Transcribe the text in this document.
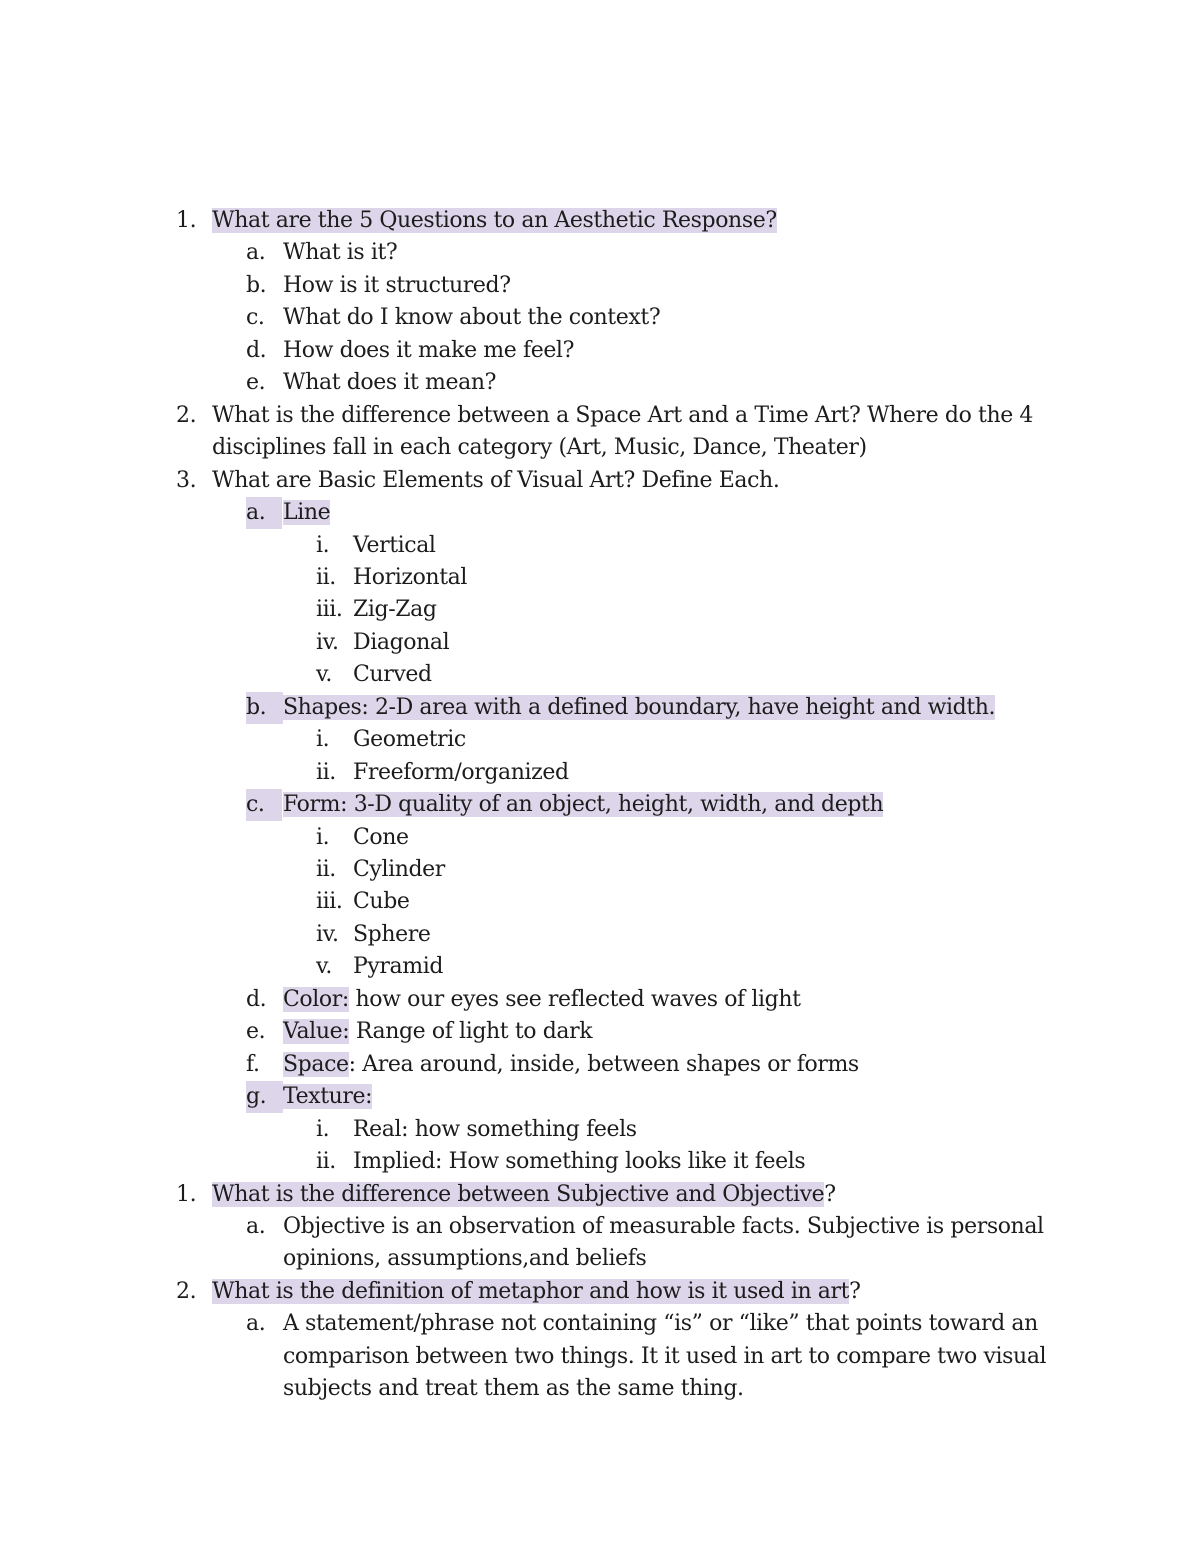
1. What are the 5 Questions to an Aesthetic Response?
a. What is it?
b. How is it structured?
c. What do I know about the context?
d. How does it make me feel?
e. What does it mean?
2. What is the difference between a Space Art and a Time Art? Where do the 4
disciplines fall in each category (Art, Music, Dance, Theater)
3. What are Basic Elements of Visual Art? Define Each.
a. Line
i. Vertical
ii. Horizontal
iii. Zig-Zag
iv. Diagonal
v. Curved
b. Shapes: 2-D area with a defined boundary, have height and width.
i. Geometric
ii. Freeform/organized
c. Form: 3-D quality of an object, height, width, and depth
i. Cone
ii. Cylinder
iii. Cube
iv. Sphere
v. Pyramid
d. Color: how our eyes see reflected waves of light
e. Value: Range of light to dark
f. Space: Area around, inside, between shapes or forms
g. Texture:
i. Real: how something feels
ii. Implied: How something looks like it feels
1. What is the difference between Subjective and Objective?
a. Objective is an observation of measurable facts. Subjective is personal
opinions, assumptions,and beliefs
2. What is the definition of metaphor and how is it used in art?
a. A statement/phrase not containing “is” or “like” that points toward an
comparison between two things. It it used in art to compare two visual
subjects and treat them as the same thing.
